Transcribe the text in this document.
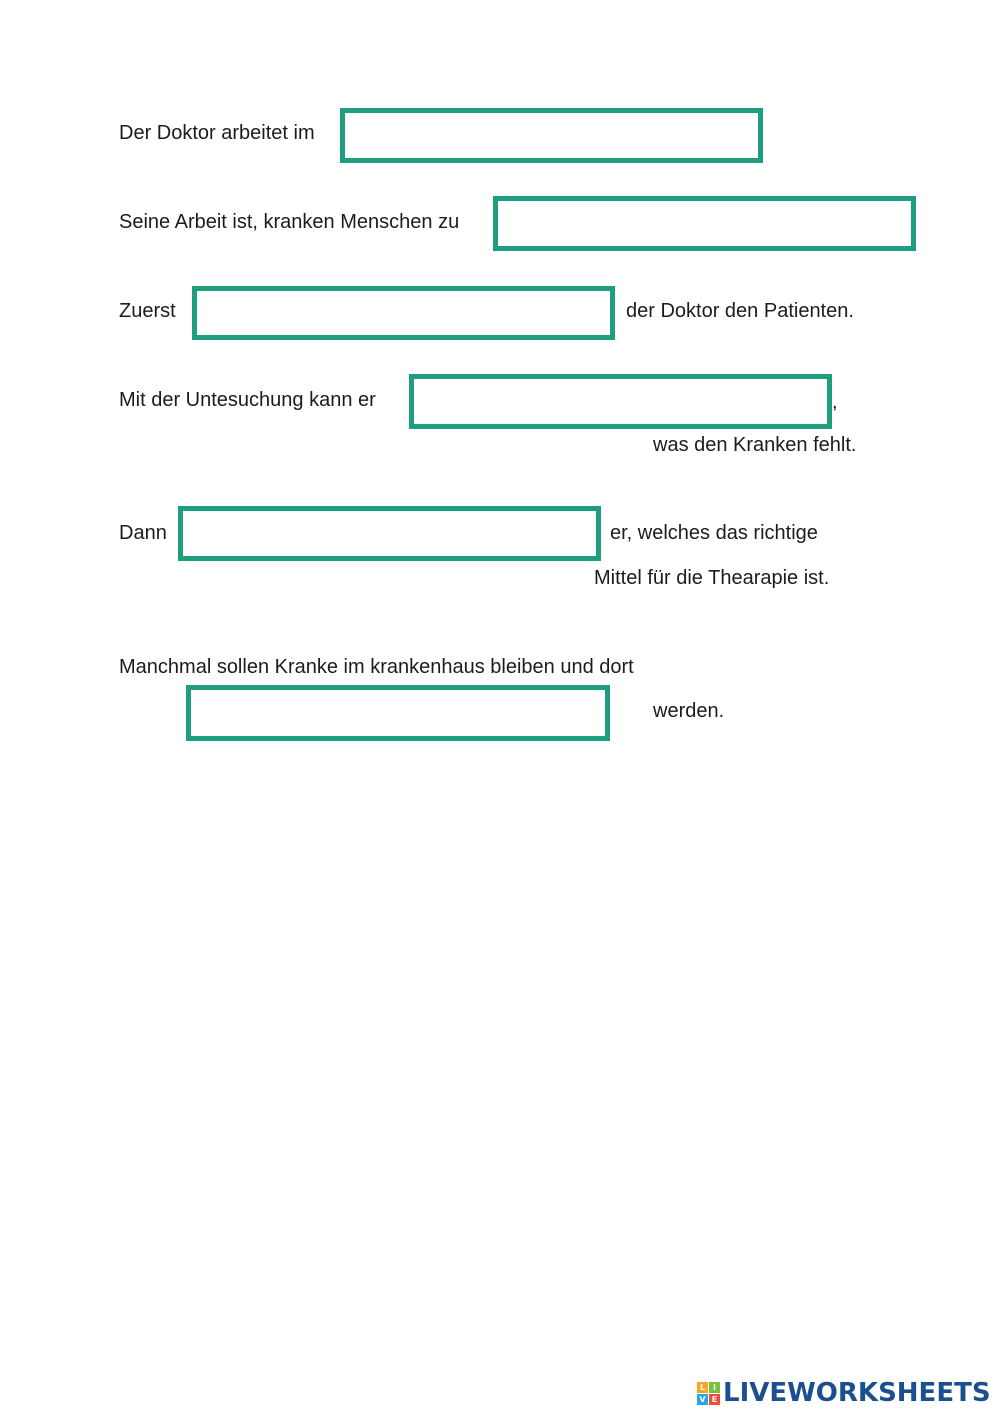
Der Doktor arbeitet im
Seine Arbeit ist, kranken Menschen zu
Zuerst	der Doktor den Patienten.
Mit der Untesuchung kann er	,
was den Kranken fehlt.
Dann	er, welches das richtige
Mittel für die Thearapie ist.
Manchmal sollen Kranke im krankenhaus bleiben und dort
werden.
L	i
V E LIVEWORKSHEETS
